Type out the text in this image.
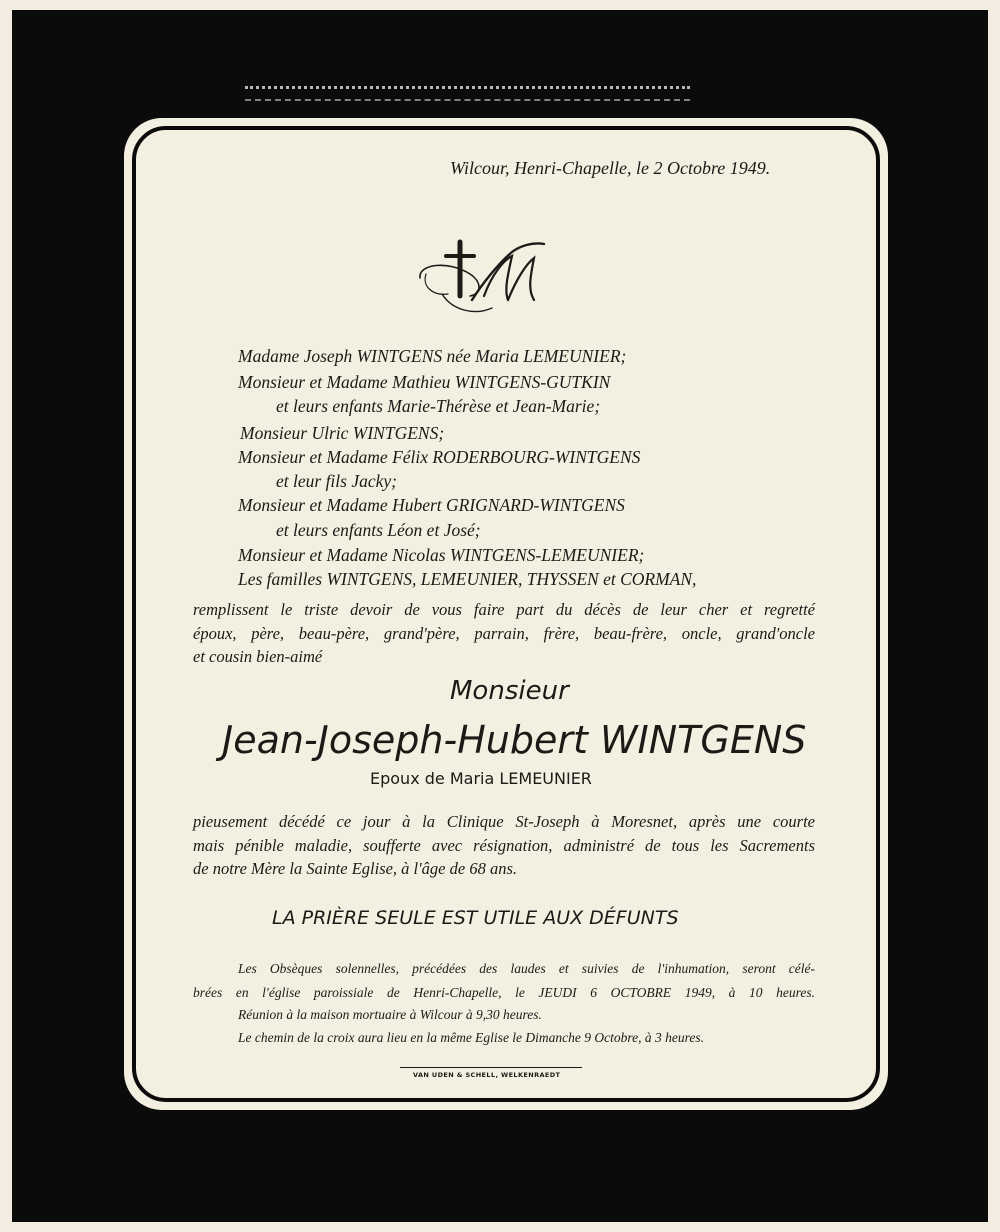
Wilcour, Henri-Chapelle, le 2 Octobre 1949.
Madame Joseph WINTGENS née Maria LEMEUNIER;
Monsieur et Madame Mathieu WINTGENS-GUTKIN
et leurs enfants Marie-Thérèse et Jean-Marie;
Monsieur Ulric WINTGENS;
Monsieur et Madame Félix RODERBOURG-WINTGENS
et leur fils Jacky;
Monsieur et Madame Hubert GRIGNARD-WINTGENS
et leurs enfants Léon et José;
Monsieur et Madame Nicolas WINTGENS-LEMEUNIER;
Les familles WINTGENS, LEMEUNIER, THYSSEN et CORMAN,
remplissent le triste devoir de vous faire part du décès de leur cher et regretté
époux, père, beau-père, grand'père, parrain, frère, beau-frère, oncle, grand'oncle
et cousin bien-aimé
Monsieur
Jean-Joseph-Hubert WINTGENS
Epoux de Maria LEMEUNIER
pieusement décédé ce jour à la Clinique St-Joseph à Moresnet, après une courte
mais pénible maladie, soufferte avec résignation, administré de tous les Sacrements
de notre Mère la Sainte Eglise, à l'âge de 68 ans.
LA PRIÈRE SEULE EST UTILE AUX DÉFUNTS
Les Obsèques solennelles, précédées des laudes et suivies de l'inhumation, seront célé-
brées en l'église paroissiale de Henri-Chapelle, le JEUDI 6 OCTOBRE 1949, à 10 heures.
Réunion à la maison mortuaire à Wilcour à 9,30 heures.
Le chemin de la croix aura lieu en la même Eglise le Dimanche 9 Octobre, à 3 heures.
VAN UDEN & SCHELL, WELKENRAEDT
